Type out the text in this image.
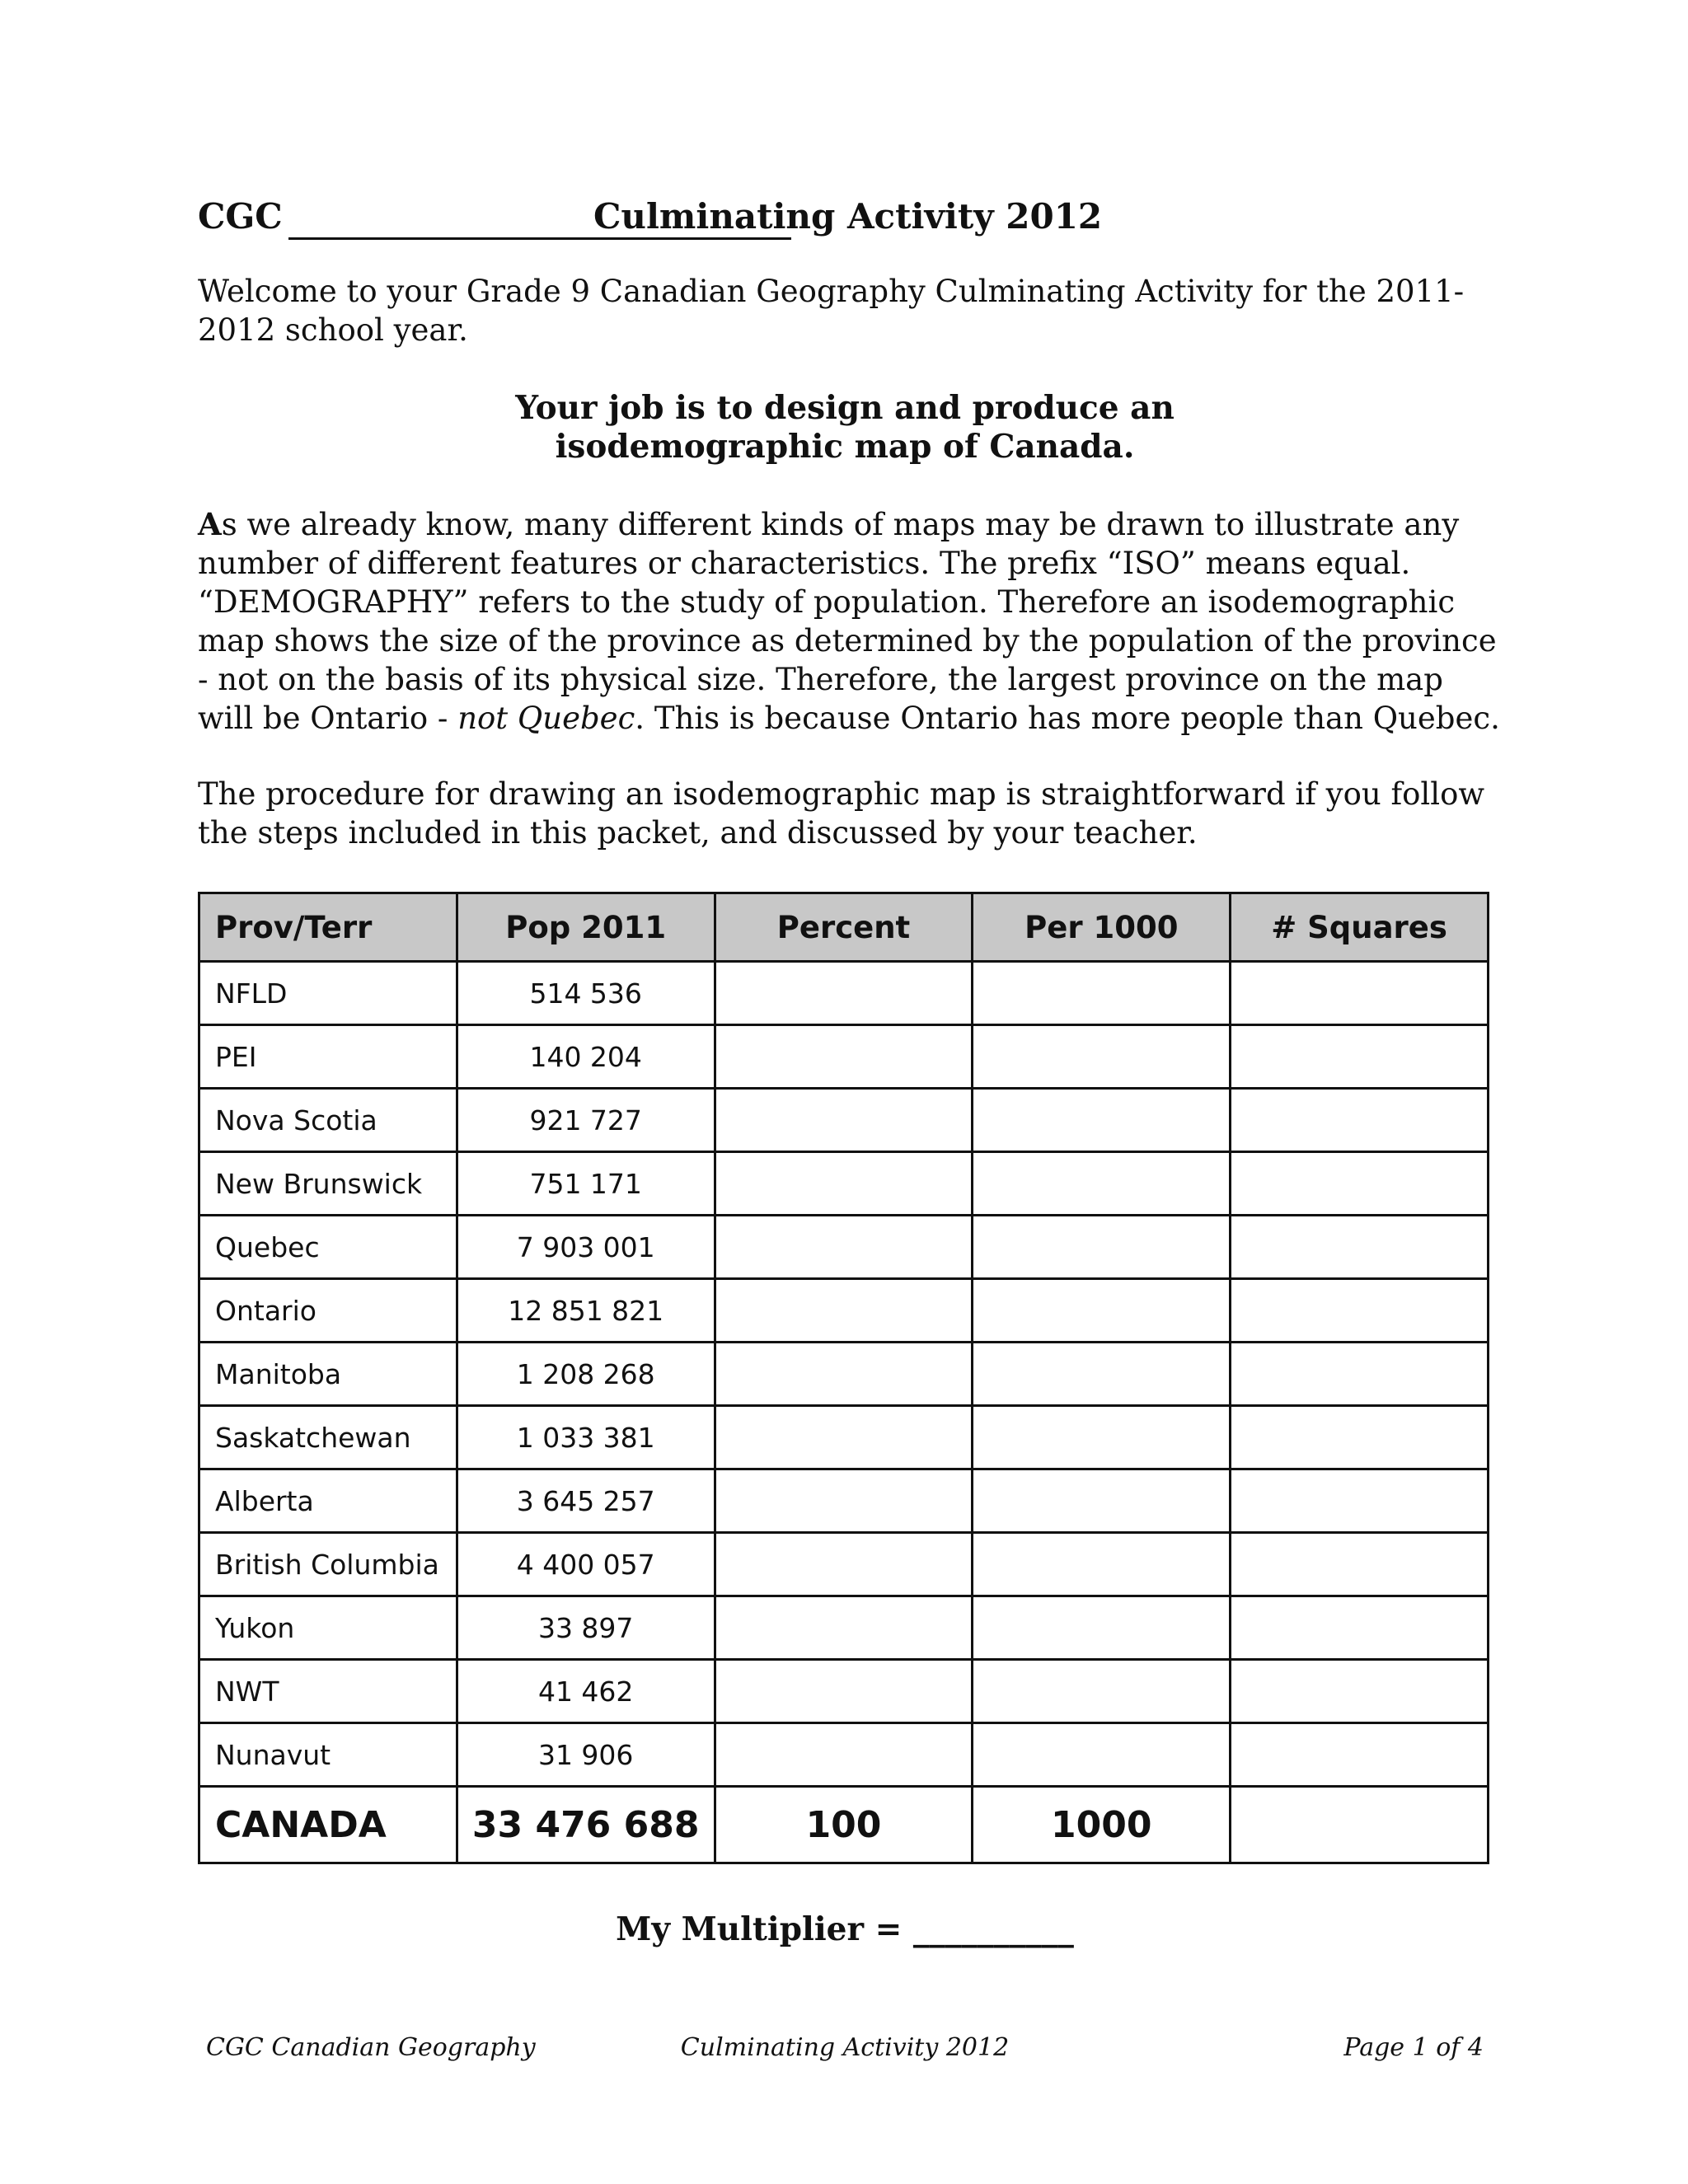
CGC	Culminating Activity 2012
Welcome to your Grade 9 Canadian Geography Culminating Activity for the 2011-2012 school year.
Your job is to design and produce an
isodemographic map of Canada.
As we already know, many different kinds of maps may be drawn to illustrate any number of different features or characteristics. The prefix “ISO” means equal. “DEMOGRAPHY” refers to the study of population. Therefore an isodemographic map shows the size of the province as determined by the population of the province - not on the basis of its physical size. Therefore, the largest province on the map will be Ontario - not Quebec. This is because Ontario has more people than Quebec.
The procedure for drawing an isodemographic map is straightforward if you follow the steps included in this packet, and discussed by your teacher.
Prov/Terr	Pop 2011	Percent	Per 1000	# Squares
NFLD	514 536			
PEI	140 204			
Nova Scotia	921 727			
New Brunswick	751 171			
Quebec	7 903 001			
Ontario	12 851 821			
Manitoba	1 208 268			
Saskatchewan	1 033 381			
Alberta	3 645 257			
British Columbia	4 400 057			
Yukon	33 897			
NWT	41 462			
Nunavut	31 906			
CANADA	33 476 688	100	1000	
My Multiplier = __________
CGC Canadian Geography	Culminating Activity 2012	Page 1 of 4
